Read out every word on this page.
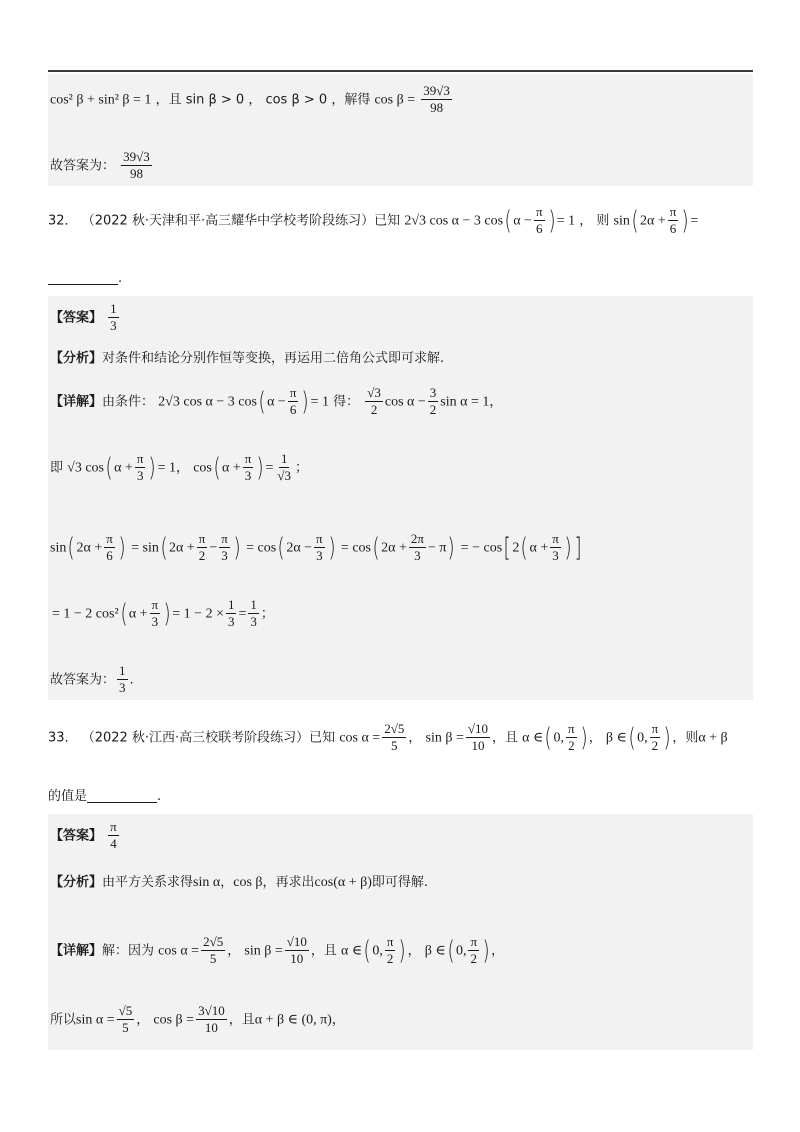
cos² β + sin² β = 1 ，且 sin β > 0 ， cos β > 0 ，解得 $\cos \beta = \frac{39√3}{98}$
故答案为： $\frac{39√3}{98}$
32． （2022 秋·天津和平·高三耀华中学校考阶段练习）已知 2√3 cos α − 3 cos( $\alpha - \frac{\pi}{6}$ ) = 1 ， 则 sin( $2\alpha + \frac{\pi}{6}$ ) =
.
【答案】 $\frac{1}{3}$
【分析】对条件和结论分别作恒等变换，再运用二倍角公式即可求解.
【详解】由条件： 2√3 cos α − 3 cos( $\alpha - \frac{\pi}{6}$ ) = 1 得： $\frac{√3}{2}$ $\cos \alpha - \frac{3}{2}$ sin α = 1，
即 √3 cos( $\alpha + \frac{\pi}{3}$ ) = 1， cos( $\alpha + \frac{\pi}{3}$ ) = $\frac{1}{√3}$ ；
sin( $2\alpha + \frac{\pi}{6}$ ) = sin( $2\alpha + \frac{\pi}{2} - \frac{\pi}{3}$ ) = cos( $2\alpha - \frac{\pi}{3}$ ) = cos( $2\alpha + \frac{2\pi}{3} - \pi$) = − cos[ 2( $\alpha + \frac{\pi}{3}$ ) ]
= 1 − 2 cos²( $\alpha + \frac{\pi}{3}$ ) = $1 - 2 \times \frac{1}{3} = \frac{1}{3}$ ；
故答案为： $\frac{1}{3}$ .
33． （2022 秋·江西·高三校联考阶段练习）已知 $\cos \alpha = \frac{2√5}{5}$ ， $\sin \beta = \frac{√10}{10}$ ，且 α ∈( 0, $\frac{\pi}{2}$ ) ， β ∈( 0, $\frac{\pi}{2}$ ) ，则α + β
的值是	.
【答案】 $\frac{\pi}{4}$
【分析】由平方关系求得sin α，cos β，再求出cos(α + β)即可得解.
【详解】解：因为 $\cos \alpha = \frac{2√5}{5}$ ， $\sin \beta = \frac{√10}{10}$ ，且 α ∈( 0, $\frac{\pi}{2}$ ) ， β ∈( 0, $\frac{\pi}{2}$ ) ，
所以$\sin \alpha = \frac{√5}{5}$ ， $\cos \beta = \frac{3√10}{10}$ ，且α + β ∈ (0, π)，
